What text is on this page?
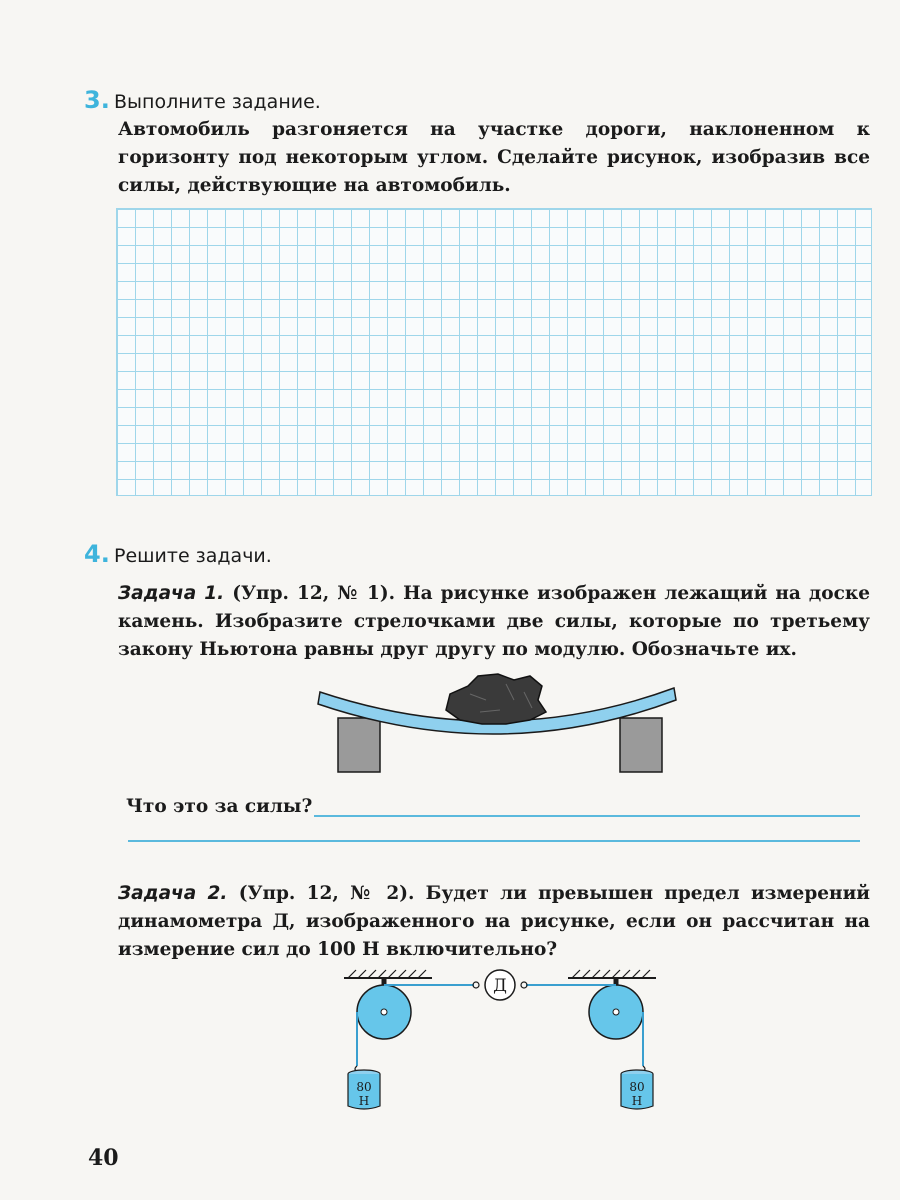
3. Выполните задание.
Автомобиль разгоняется на участке дороги, наклоненном к горизонту под некоторым углом. Сделайте рисунок, изобразив все силы, действующие на автомобиль.
4. Решите задачи.
Задача 1. (Упр. 12, № 1). На рисунке изображен лежащий на доске камень. Изобразите стрелочками две силы, которые по третьему закону Ньютона равны друг другу по модулю. Обозначьте их.
Что это за силы?
Задача 2. (Упр. 12, № 2). Будет ли превышен предел измерений динамометра Д, изображенного на рисунке, если он рассчитан на измерение сил до 100 Н включительно?
Д
80
Н
80
Н
40
